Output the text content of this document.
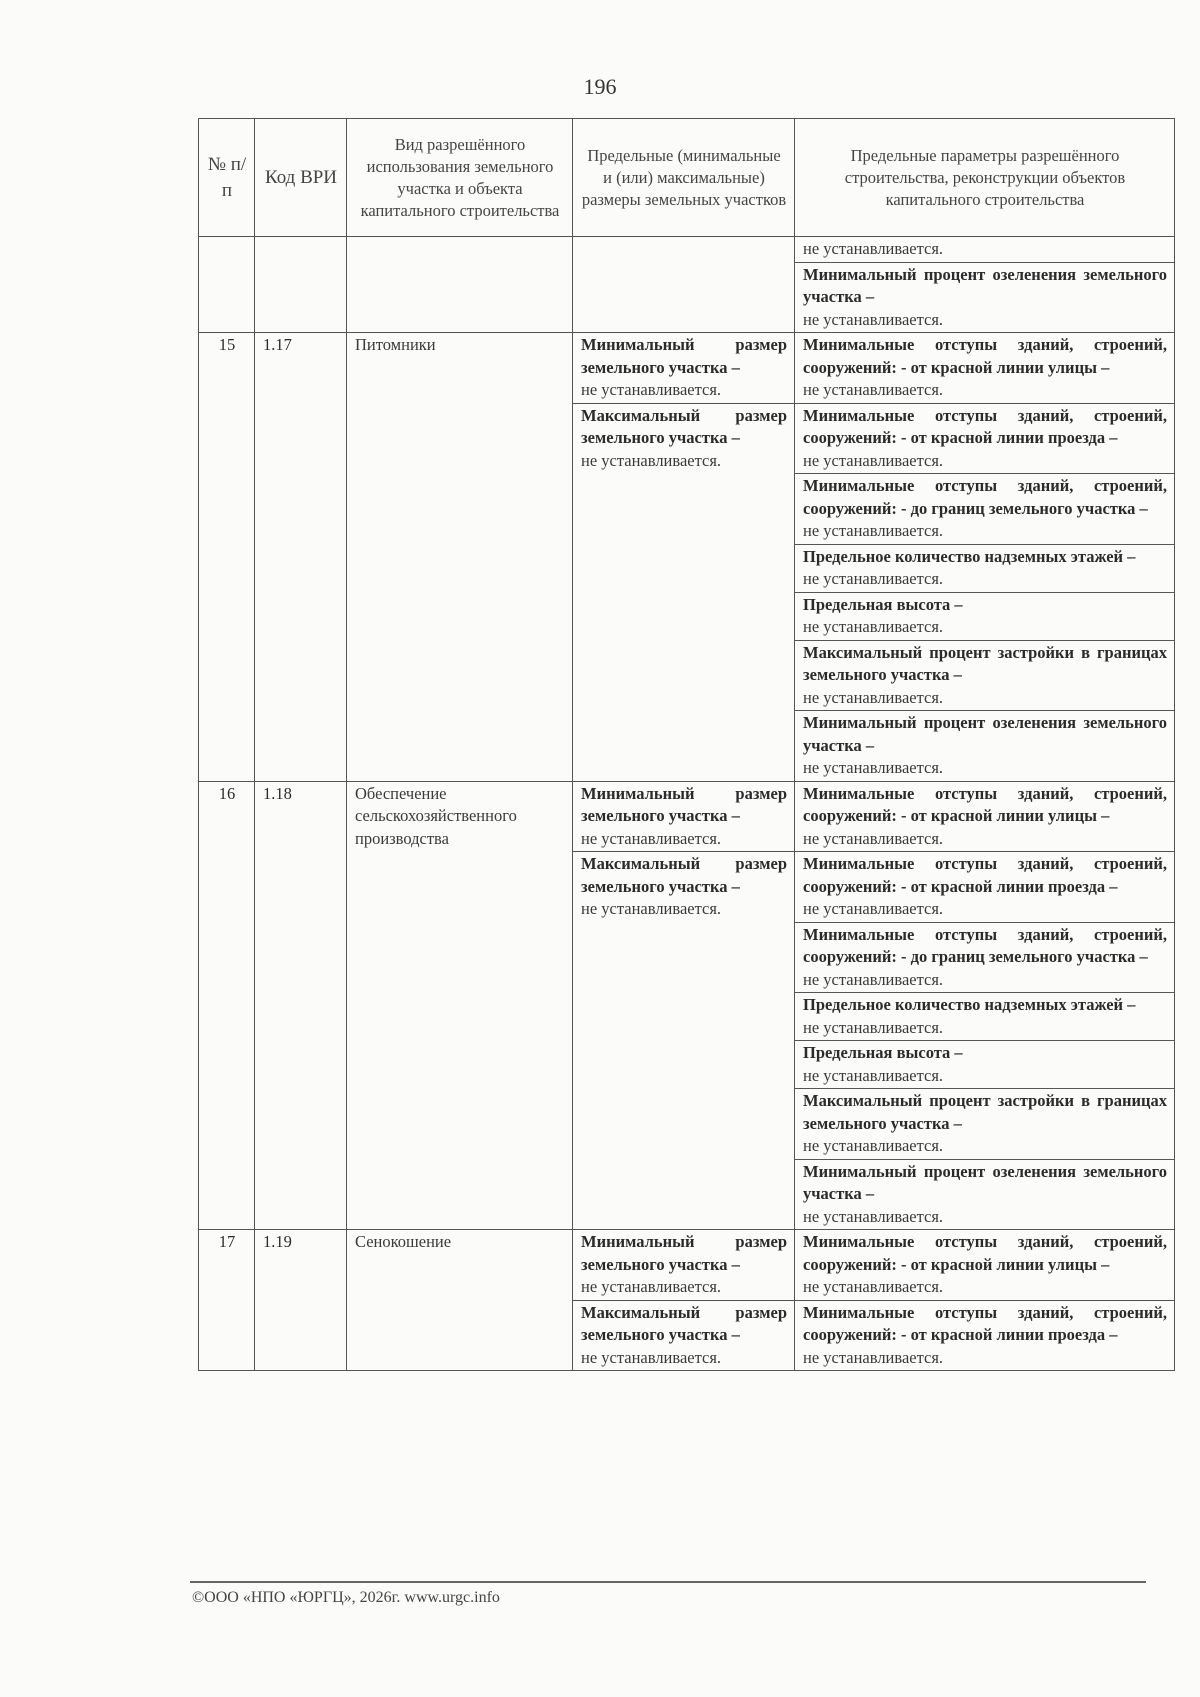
196
№ п/п	Код ВРИ	Вид разрешённого использования земельного участка и объекта капитального строительства	Предельные (минимальные и (или) максимальные) размеры земельных участков	Предельные параметры разрешённого строительства, реконструкции объектов капитального строительства
				не устанавливается.
				Минимальный процент озеленения земельного участка –
не устанавливается.
15	1.17	Питомники	Минимальный размер земельного участка –
не устанавливается.	Минимальные отступы зданий, строений, сооружений: - от красной линии улицы –
не устанавливается.
			Максимальный размер земельного участка –
не устанавливается.	Минимальные отступы зданий, строений, сооружений: - от красной линии проезда –
не устанавливается.
				Минимальные отступы зданий, строений, сооружений: - до границ земельного участка –
не устанавливается.
				Предельное количество надземных этажей –
не устанавливается.
				Предельная высота –
не устанавливается.
				Максимальный процент застройки в границах земельного участка –
не устанавливается.
				Минимальный процент озеленения земельного участка –
не устанавливается.
16	1.18	Обеспечение сельскохозяйственного производства	Минимальный размер земельного участка –
не устанавливается.	Минимальные отступы зданий, строений, сооружений: - от красной линии улицы –
не устанавливается.
			Максимальный размер земельного участка –
не устанавливается.	Минимальные отступы зданий, строений, сооружений: - от красной линии проезда –
не устанавливается.
				Минимальные отступы зданий, строений, сооружений: - до границ земельного участка –
не устанавливается.
				Предельное количество надземных этажей –
не устанавливается.
				Предельная высота –
не устанавливается.
				Максимальный процент застройки в границах земельного участка –
не устанавливается.
				Минимальный процент озеленения земельного участка –
не устанавливается.
17	1.19	Сенокошение	Минимальный размер земельного участка –
не устанавливается.	Минимальные отступы зданий, строений, сооружений: - от красной линии улицы –
не устанавливается.
			Максимальный размер земельного участка –
не устанавливается.	Минимальные отступы зданий, строений, сооружений: - от красной линии проезда –
не устанавливается.
©ООО «НПО «ЮРГЦ», 2026г. www.urgc.info
